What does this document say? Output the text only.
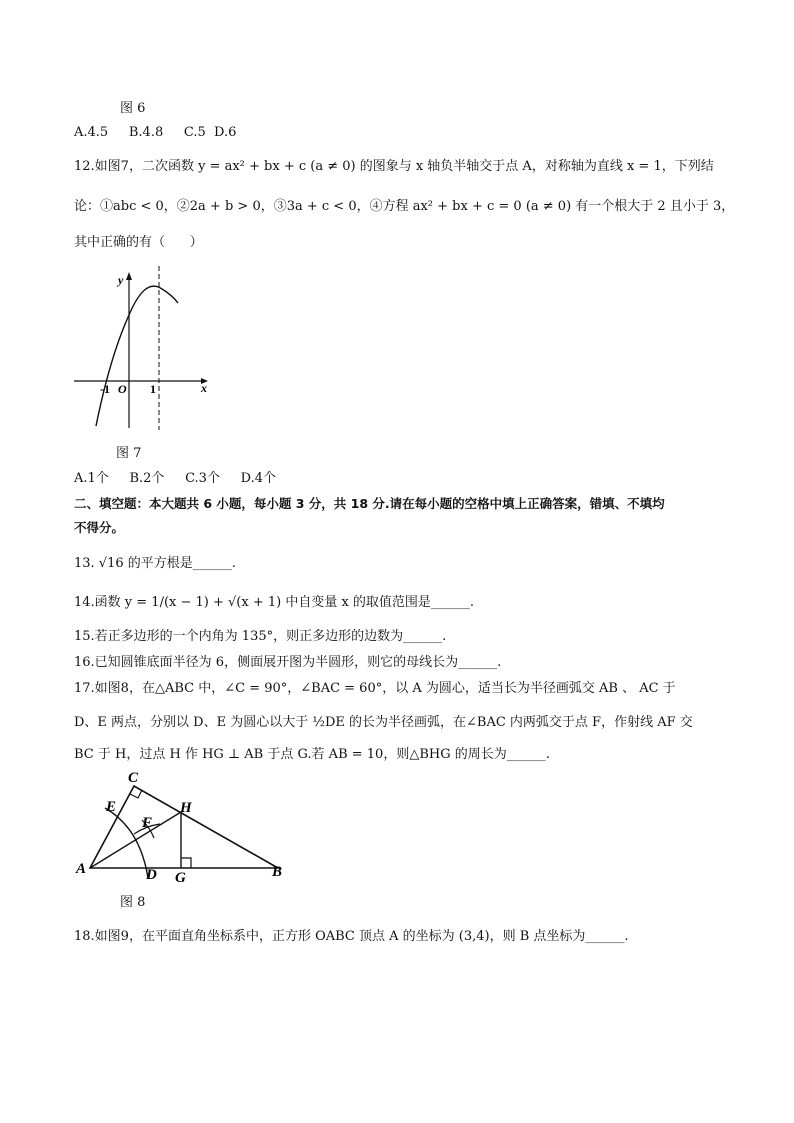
图 6
A.4.5     B.4.8     C.5  D.6
12.如图7，二次函数 y = ax² + bx + c (a ≠ 0) 的图象与 x 轴负半轴交于点 A，对称轴为直线 x = 1，下列结
论：①abc < 0，②2a + b > 0，③3a + c < 0，④方程 ax² + bx + c = 0 (a ≠ 0) 有一个根大于 2 且小于 3，
其中正确的有（      ）
y
x
O
-1	1
图 7
A.1个     B.2个     C.3个     D.4个
二、填空题：本大题共 6 小题，每小题 3 分，共 18 分.请在每小题的空格中填上正确答案，错填、不填均
不得分。
13. √16 的平方根是______.
14.函数 y = 1/(x − 1) + √(x + 1) 中自变量 x 的取值范围是______.
15.若正多边形的一个内角为 135°，则正多边形的边数为______.
16.已知圆锥底面半径为 6，侧面展开图为半圆形，则它的母线长为______.
17.如图8，在△ABC 中，∠C = 90°，∠BAC = 60°，以 A 为圆心，适当长为半径画弧交 AB 、 AC 于
D、E 两点，分别以 D、E 为圆心以大于 ½DE 的长为半径画弧，在∠BAC 内两弧交于点 F，作射线 AF 交
BC 于 H，过点 H 作 HG ⊥ AB 于点 G.若 AB = 10，则△BHG 的周长为______.
C
E	H
F
A	D G	B
图 8
18.如图9，在平面直角坐标系中，正方形 OABC 顶点 A 的坐标为 (3,4)，则 B 点坐标为______.
